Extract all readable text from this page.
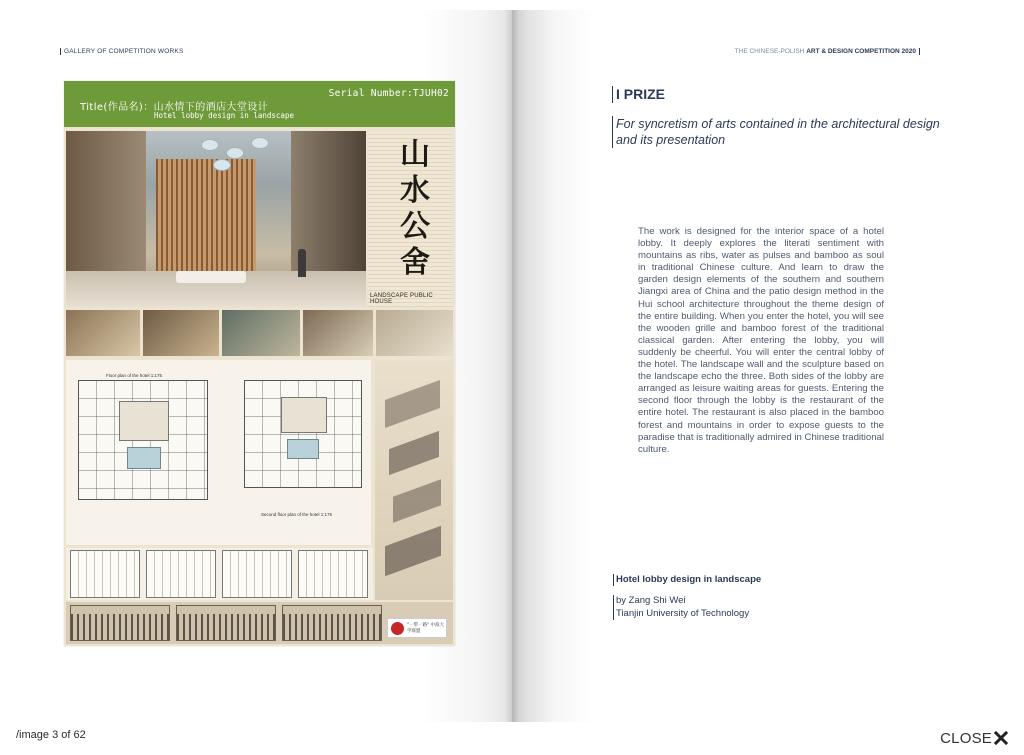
GALLERY OF COMPETITION WORKS
Title(作品名)：山水情下的酒店大堂设计
Hotel lobby design in landscape
Serial Number:TJUH02
山水公舍
LANDSCAPE PUBLIC HOUSE
Floor plan of the hotel 1:175
Second floor plan of the hotel 1:175
"一带一路" 中波大学联盟
THE CHINESE-POLISH ART & DESIGN COMPETITION 2020
I PRIZE
For syncretism of arts contained in the architectural design and its presentation
The work is designed for the interior space of a hotel lobby. It deeply explores the literati sentiment with mountains as ribs, water as pulses and bamboo as soul in traditional Chinese culture. And learn to draw the garden design elements of the southern and southern Jiangxi area of China and the patio design method in the Hui school architecture throughout the theme design of the entire building. When you enter the hotel, you will see the wooden grille and bamboo forest of the traditional classical garden. After entering the lobby, you will suddenly be cheerful. You will enter the central lobby of the hotel. The landscape wall and the sculpture based on the landscape echo the three. Both sides of the lobby are arranged as leisure waiting areas for guests. Entering the second floor through the lobby is the restaurant of the entire hotel. The restaurant is also placed in the bamboo forest and mountains in order to expose guests to the paradise that is traditionally admired in Chinese traditional culture.
Hotel lobby design in landscape
by Zang Shi Wei
Tianjin University of Technology
/image 3 of 62	CLOSE
